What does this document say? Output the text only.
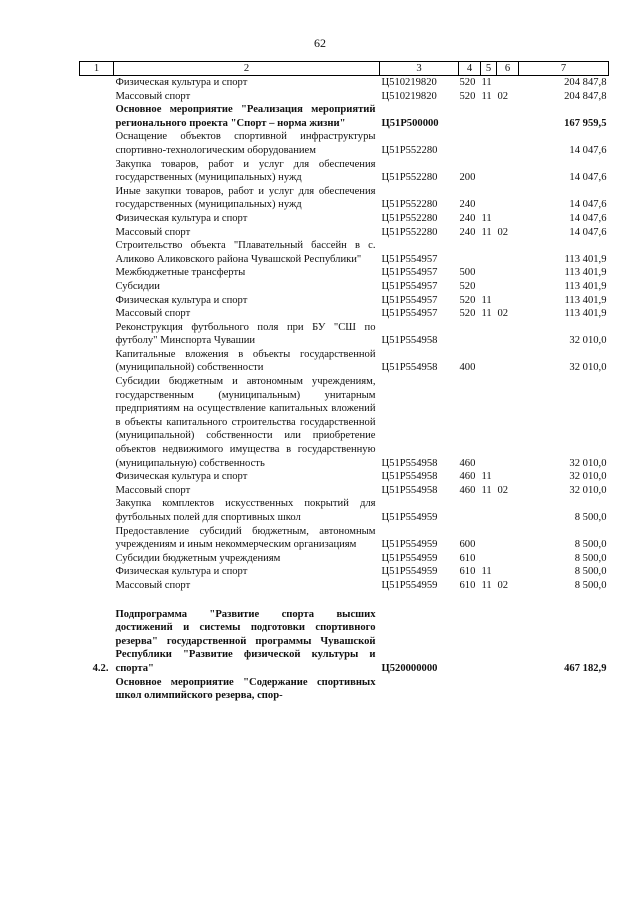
62
1	2	3	4	5	6	7
	Физическая культура и спорт	Ц510219820	520	11		204 847,8
	Массовый спорт	Ц510219820	520	11	02	204 847,8
	Основное мероприятие "Реализация мероприятий регионального проекта "Спорт – норма жизни"	Ц51P500000				167 959,5
	Оснащение объектов спортивной инфраструктуры спортивно-технологическим оборудованием	Ц51P552280				14 047,6
	Закупка товаров, работ и услуг для обеспечения государственных (муниципальных) нужд	Ц51P552280	200			14 047,6
	Иные закупки товаров, работ и услуг для обеспечения государственных (муниципальных) нужд	Ц51P552280	240			14 047,6
	Физическая культура и спорт	Ц51P552280	240	11		14 047,6
	Массовый спорт	Ц51P552280	240	11	02	14 047,6
	Строительство объекта "Плавательный бассейн в с. Аликово Аликовского района Чувашской Республики"	Ц51P554957				113 401,9
	Межбюджетные трансферты	Ц51P554957	500			113 401,9
	Субсидии	Ц51P554957	520			113 401,9
	Физическая культура и спорт	Ц51P554957	520	11		113 401,9
	Массовый спорт	Ц51P554957	520	11	02	113 401,9
	Реконструкция футбольного поля при БУ "СШ по футболу" Минспорта Чувашии	Ц51P554958				32 010,0
	Капитальные вложения в объекты государственной (муниципальной) собственности	Ц51P554958	400			32 010,0
	Субсидии бюджетным и автономным учреждениям, государственным (муниципальным) унитарным предприятиям на осуществление капитальных вложений в объекты капитального строительства государственной (муниципальной) собственности или приобретение объектов недвижимого имущества в государственную (муниципальную) собственность	Ц51P554958	460			32 010,0
	Физическая культура и спорт	Ц51P554958	460	11		32 010,0
	Массовый спорт	Ц51P554958	460	11	02	32 010,0
	Закупка комплектов искусственных покрытий для футбольных полей для спортивных школ	Ц51P554959				8 500,0
	Предоставление субсидий бюджетным, автономным учреждениям и иным некоммерческим организациям	Ц51P554959	600			8 500,0
	Субсидии бюджетным учреждениям	Ц51P554959	610			8 500,0
	Физическая культура и спорт	Ц51P554959	610	11		8 500,0
	Массовый спорт	Ц51P554959	610	11	02	8 500,0

4.2.	Подпрограмма "Развитие спорта высших достижений и системы подготовки спортивного резерва" государственной программы Чувашской Республики "Развитие физической культуры и спорта"	Ц520000000				467 182,9
	Основное мероприятие "Содержание спортивных школ олимпийского резерва, спор-					
